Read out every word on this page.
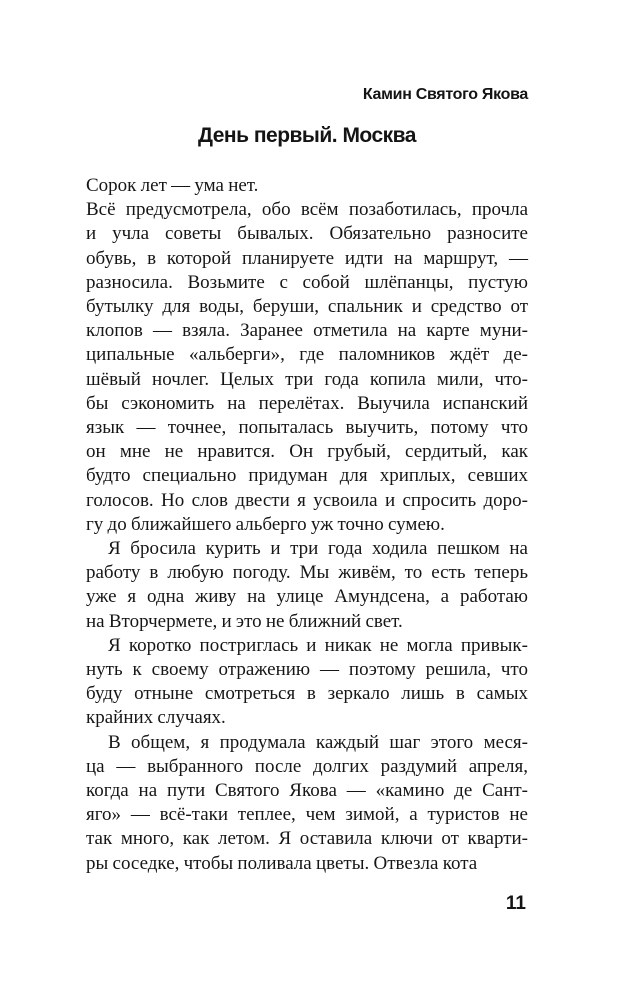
Камин Святого Якова
День первый. Москва
Сорок лет — ума нет.
Всё предусмотрела, обо всём позаботилась, прочла
и учла советы бывалых. Обязательно разносите
обувь, в которой планируете идти на маршрут, —
разносила. Возьмите с собой шлёпанцы, пустую
бутылку для воды, беруши, спальник и средство от
клопов — взяла. Заранее отметила на карте муни-
ципальные «альберги», где паломников ждёт де-
шёвый ночлег. Целых три года копила мили, что-
бы сэкономить на перелётах. Выучила испанский
язык — точнее, попыталась выучить, потому что
он мне не нравится. Он грубый, сердитый, как
будто специально придуман для хриплых, севших
голосов. Но слов двести я усвоила и спросить доро-
гу до ближайшего альберго уж точно сумею.
Я бросила курить и три года ходила пешком на
работу в любую погоду. Мы живём, то есть теперь
уже я одна живу на улице Амундсена, а работаю
на Вторчермете, и это не ближний свет.
Я коротко постриглась и никак не могла привык-
нуть к своему отражению — поэтому решила, что
буду отныне смотреться в зеркало лишь в самых
крайних случаях.
В общем, я продумала каждый шаг этого меся-
ца — выбранного после долгих раздумий апреля,
когда на пути Святого Якова — «камино де Сант-
яго» — всё-таки теплее, чем зимой, а туристов не
так много, как летом. Я оставила ключи от кварти-
ры соседке, чтобы поливала цветы. Отвезла кота
11
